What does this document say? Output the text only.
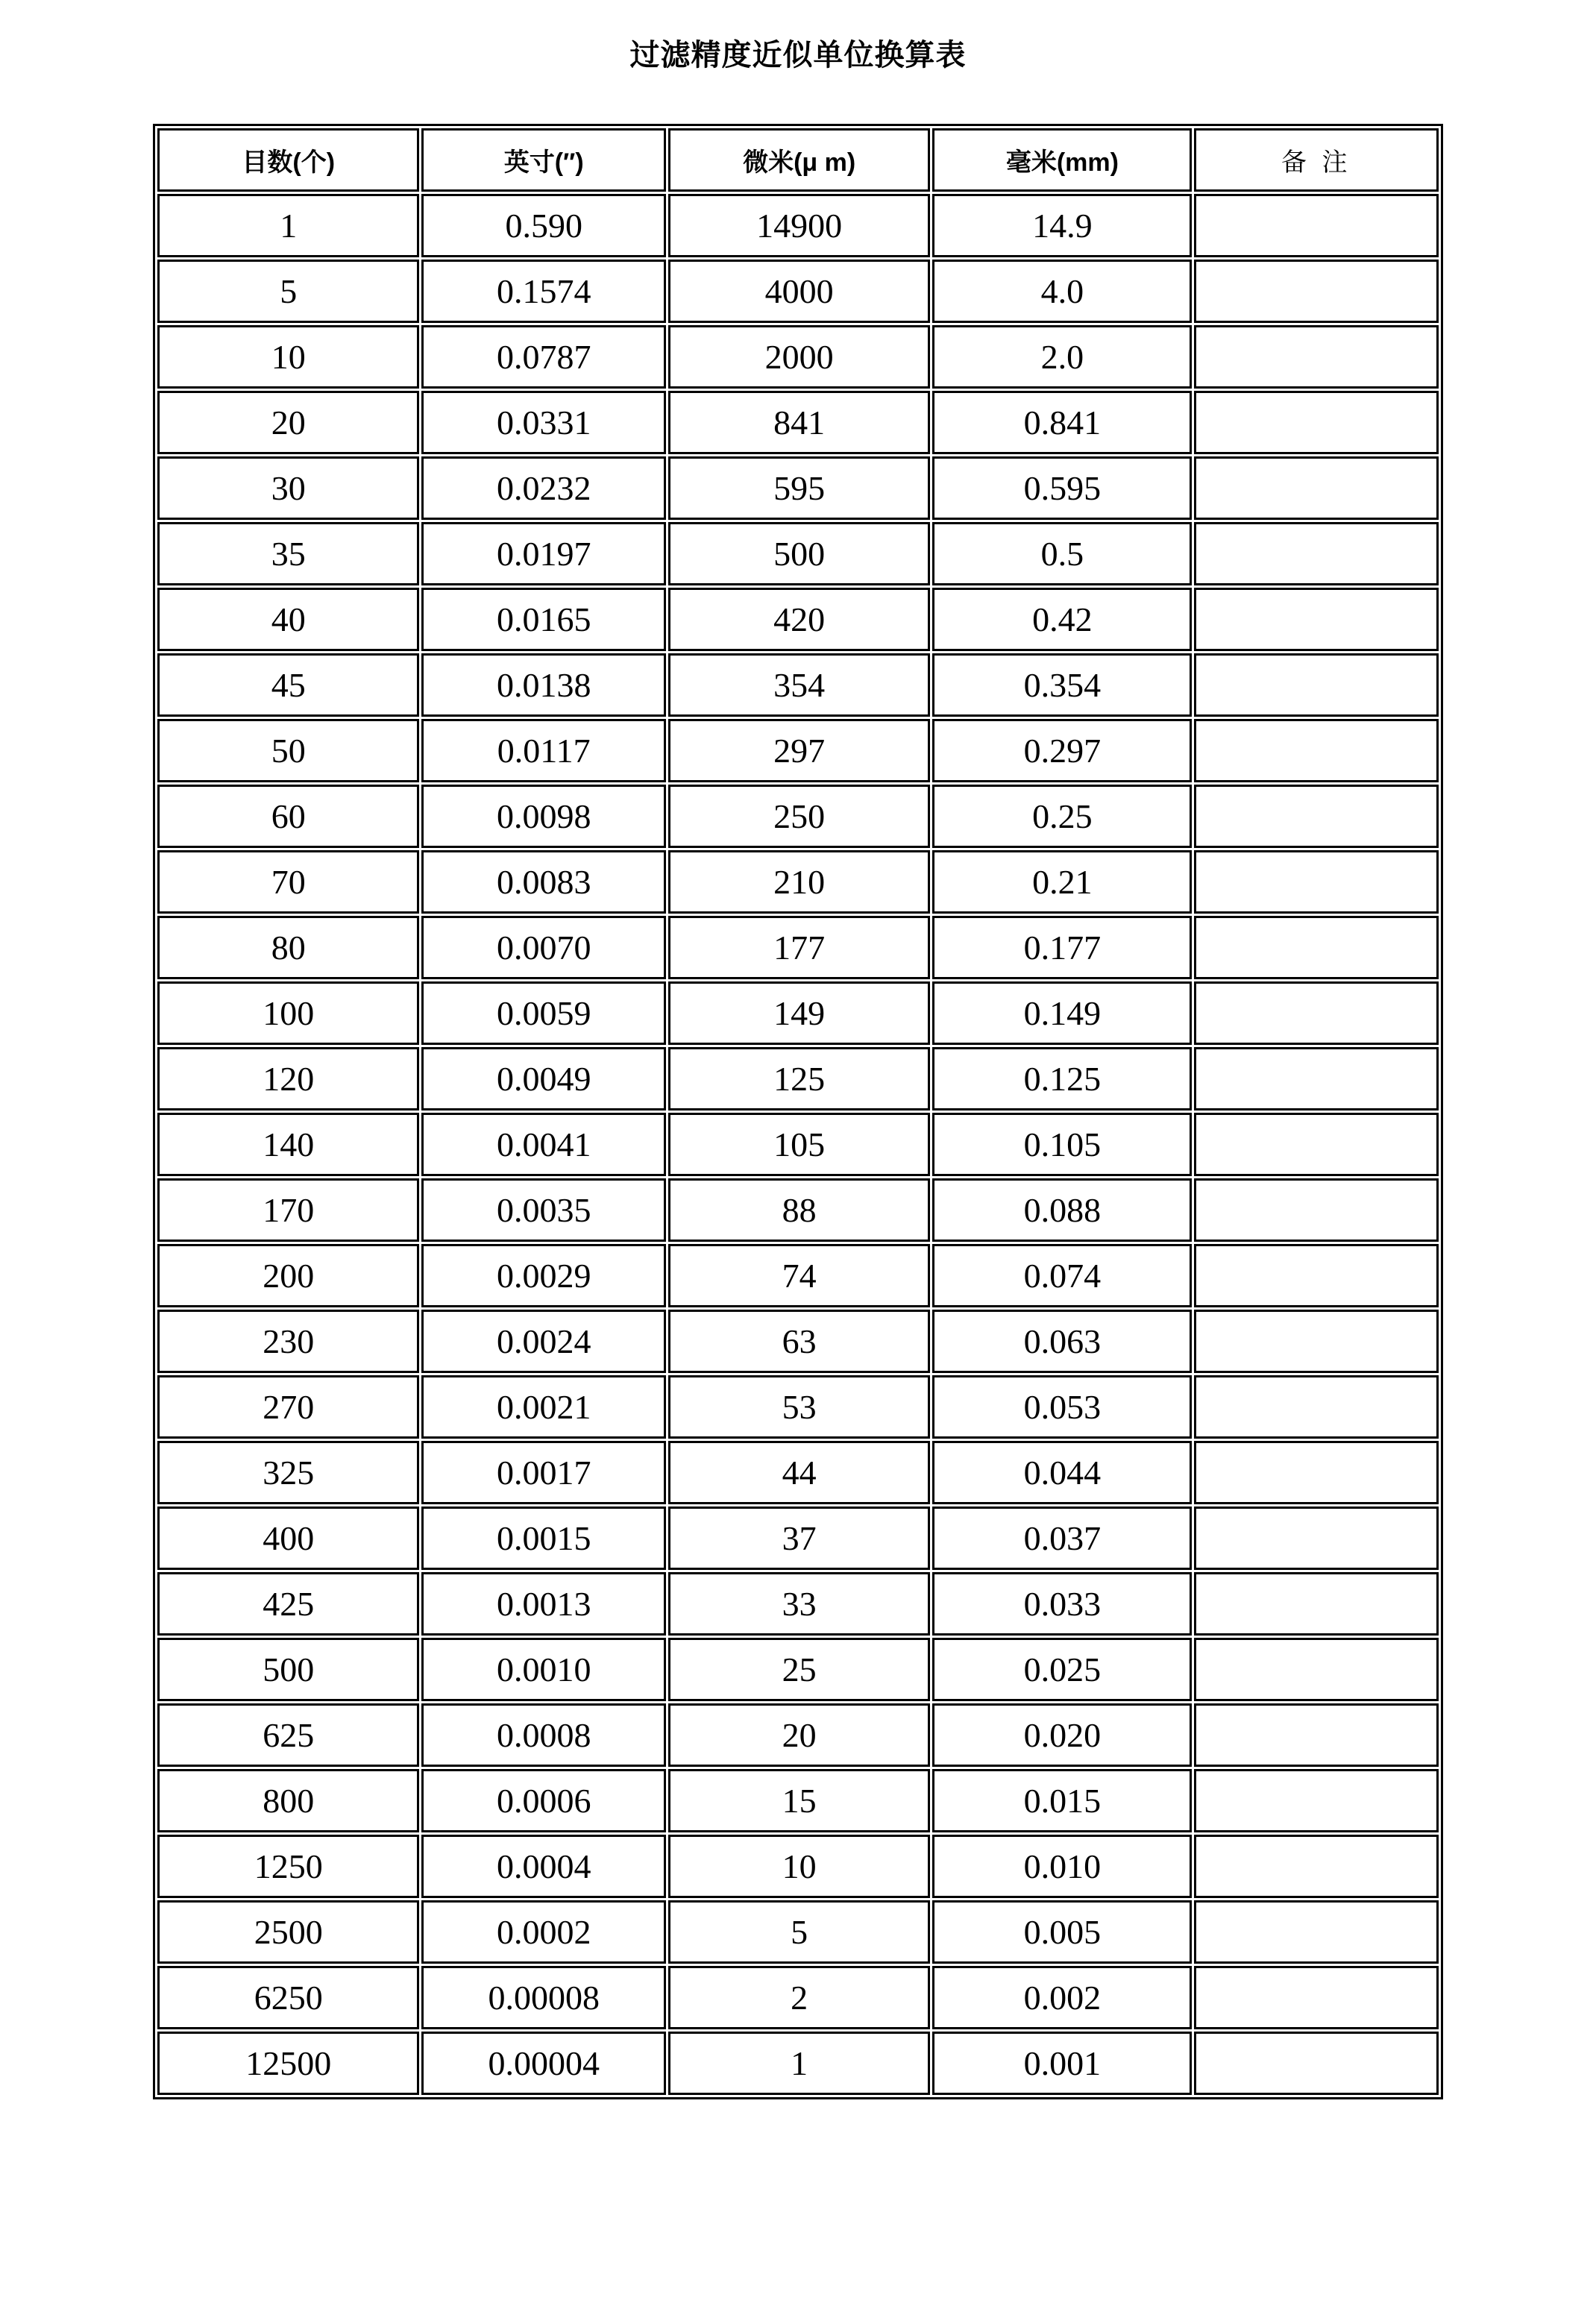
过滤精度近似单位换算表
目数(个)	英寸(″)	微米(μ m)	毫米(mm)	备 注
1	0.590	14900	14.9	
5	0.1574	4000	4.0	
10	0.0787	2000	2.0	
20	0.0331	841	0.841	
30	0.0232	595	0.595	
35	0.0197	500	0.5	
40	0.0165	420	0.42	
45	0.0138	354	0.354	
50	0.0117	297	0.297	
60	0.0098	250	0.25	
70	0.0083	210	0.21	
80	0.0070	177	0.177	
100	0.0059	149	0.149	
120	0.0049	125	0.125	
140	0.0041	105	0.105	
170	0.0035	88	0.088	
200	0.0029	74	0.074	
230	0.0024	63	0.063	
270	0.0021	53	0.053	
325	0.0017	44	0.044	
400	0.0015	37	0.037	
425	0.0013	33	0.033	
500	0.0010	25	0.025	
625	0.0008	20	0.020	
800	0.0006	15	0.015	
1250	0.0004	10	0.010	
2500	0.0002	5	0.005	
6250	0.00008	2	0.002	
12500	0.00004	1	0.001	
